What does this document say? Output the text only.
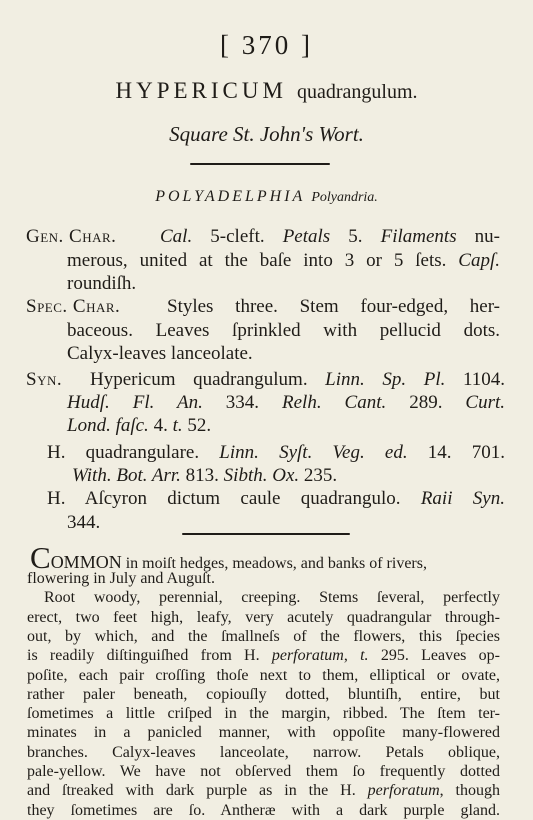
[ 370 ]
HYPERICUM quadrangulum.
Square St. John's Wort.
POLYADELPHIA Polyandria.
Gen. Char. Cal. 5-cleft. Petals 5. Filaments nu-
merous, united at the baſe into 3 or 5 ſets. Capſ.
roundiſh.
Spec. Char. Styles three. Stem four-edged, her-
baceous. Leaves ſprinkled with pellucid dots.
Calyx-leaves lanceolate.
Syn. Hypericum quadrangulum. Linn. Sp. Pl. 1104.
Hudſ. Fl. An. 334. Relh. Cant. 289. Curt.
Lond. faſc. 4. t. 52.
H. quadrangulare. Linn. Syſt. Veg. ed. 14. 701.
With. Bot. Arr. 813. Sibth. Ox. 235.
H. Aſcyron dictum caule quadrangulo. Raii Syn.
344.
COMMON in moiſt hedges, meadows, and banks of rivers,
flowering in July and Auguſt.
Root woody, perennial, creeping. Stems ſeveral, perfectly
erect, two feet high, leafy, very acutely quadrangular through-
out, by which, and the ſmallneſs of the flowers, this ſpecies
is readily diſtinguiſhed from H. perforatum, t. 295. Leaves op-
poſite, each pair croſſing thoſe next to them, elliptical or ovate,
rather paler beneath, copiouſly dotted, bluntiſh, entire, but
ſometimes a little criſped in the margin, ribbed. The ſtem ter-
minates in a panicled manner, with oppoſite many-flowered
branches. Calyx-leaves lanceolate, narrow. Petals oblique,
pale-yellow. We have not obſerved them ſo frequently dotted
and ſtreaked with dark purple as in the H. perforatum, though
they ſometimes are ſo. Antheræ with a dark purple gland.
